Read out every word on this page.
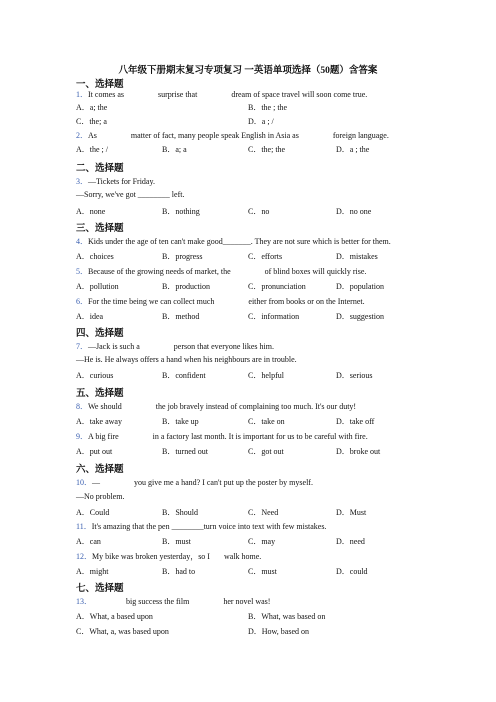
八年级下册期末复习专项复习 一英语单项选择（50题）含答案
一、选择题
1．It comes as	surprise that	dream of space travel will soon come true.
A．a; the	B．the ; the
C．the; a	D．a ; /
2．As	matter of fact, many people speak English in Asia as	foreign language.
A．the ; /	B．a; a	C．the; the	D．a ; the
二、选择题
3．—Tickets for Friday.
—Sorry, we've got ________ left.
A．none	B．nothing	C．no	D．no one
三、选择题
4．Kids under the age of ten can't make good_______. They are not sure which is better for them.
A．choices	B．progress	C．efforts	D．mistakes
5．Because of the growing needs of market, the	of blind boxes will quickly rise.
A．pollution	B．production	C．pronunciation	D．population
6．For the time being we can collect much	either from books or on the Internet.
A．idea	B．method	C．information	D．suggestion
四、选择题
7．—Jack is such a	person that everyone likes him.
—He is. He always offers a hand when his neighbours are in trouble.
A．curious	B．confident	C．helpful	D．serious
五、选择题
8．We should	the job bravely instead of complaining too much. It's our duty!
A．take away	B．take up	C．take on	D．take off
9．A big fire	in a factory last month. It is important for us to be careful with fire.
A．put out	B．turned out	C．got out	D．broke out
六、选择题
10．—	you give me a hand? I can't put up the poster by myself.
—No problem.
A．Could	B．Should	C．Need	D．Must
11．It's amazing that the pen ________turn voice into text with few mistakes.
A．can	B．must	C．may	D．need
12．My bike was broken yesterday，so I walk home.
A．might	B．had to	C．must	D．could
七、选择题
13．	big success the film	her novel was!
A．What, a based upon	B．What, was based on
C．What, a, was based upon	D．How, based on
